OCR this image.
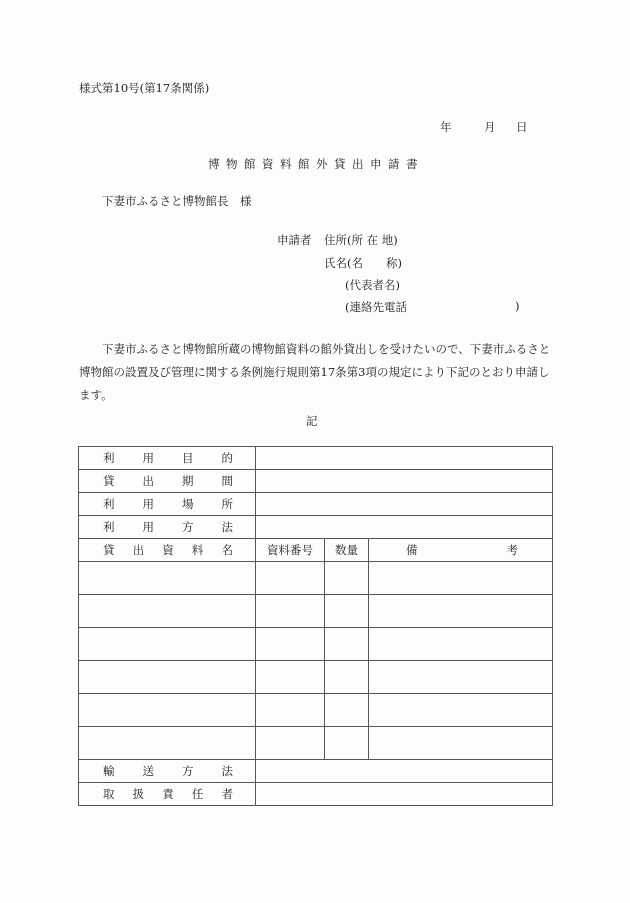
様式第10号(第17条関係)
年	月 日
博物館資料館外貸出申請書
下妻市ふるさと博物館長　様
申請者 住所(所 在 地)
氏名(名　　称)
(代表者名)
(連絡先電話	)
下妻市ふるさと博物館所蔵の博物館資料の館外貸出しを受けたいので、下妻市ふるさと博物館の設置及び管理に関する条例施行規則第17条第3項の規定により下記のとおり申請します。
記
利 用 目 的			

貸 出 期 間			

利 用 場 所			

利 用 方 法			

貸 出 資 料 名	資料番号	数量	備 考

輸 送 方 法			

取 扱 責 任 者			
